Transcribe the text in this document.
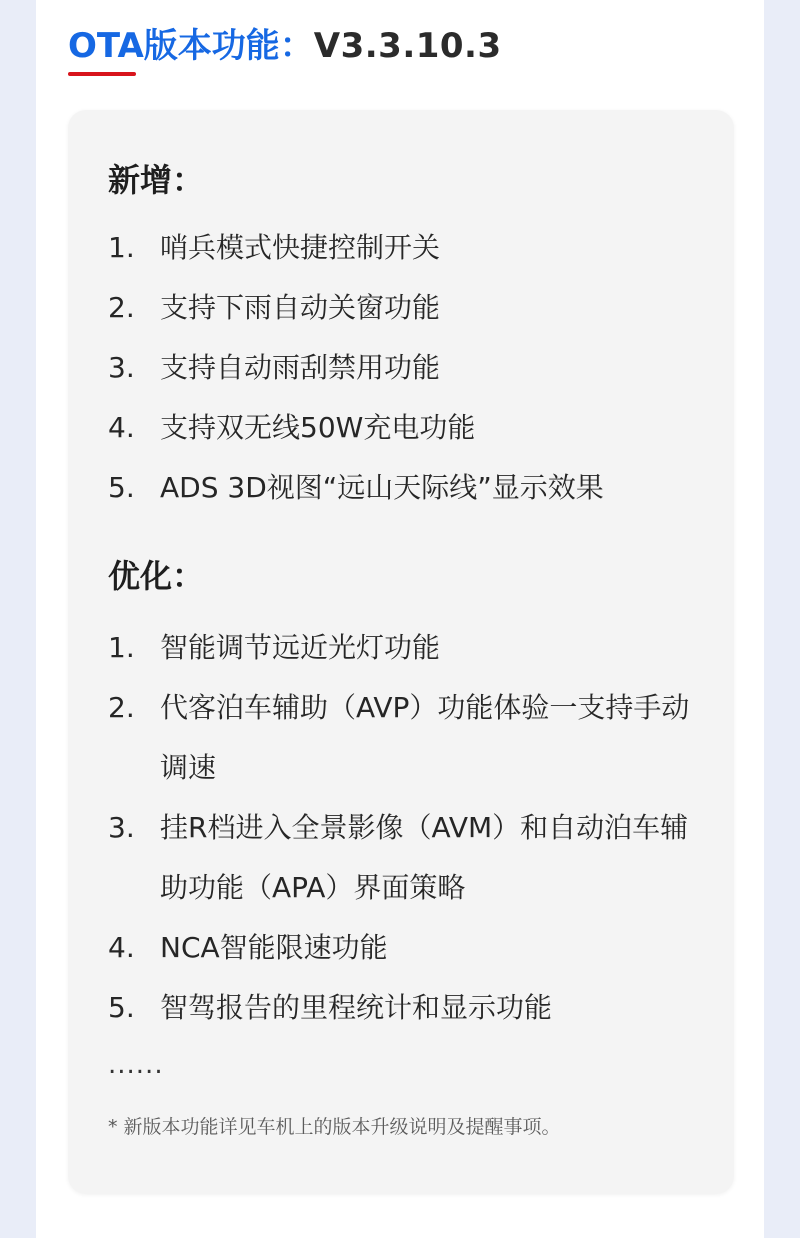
OTA版本功能：V3.3.10.3
新增：
1. 哨兵模式快捷控制开关
2. 支持下雨自动关窗功能
3. 支持自动雨刮禁用功能
4. 支持双无线50W充电功能
5. ADS 3D视图“远山天际线”显示效果
优化：
1. 智能调节远近光灯功能
2. 代客泊车辅助（AVP）功能体验一支持手动调速
3. 挂R档进入全景影像（AVM）和自动泊车辅助功能（APA）界面策略
4. NCA智能限速功能
5. 智驾报告的里程统计和显示功能
......
* 新版本功能详见车机上的版本升级说明及提醒事项。
